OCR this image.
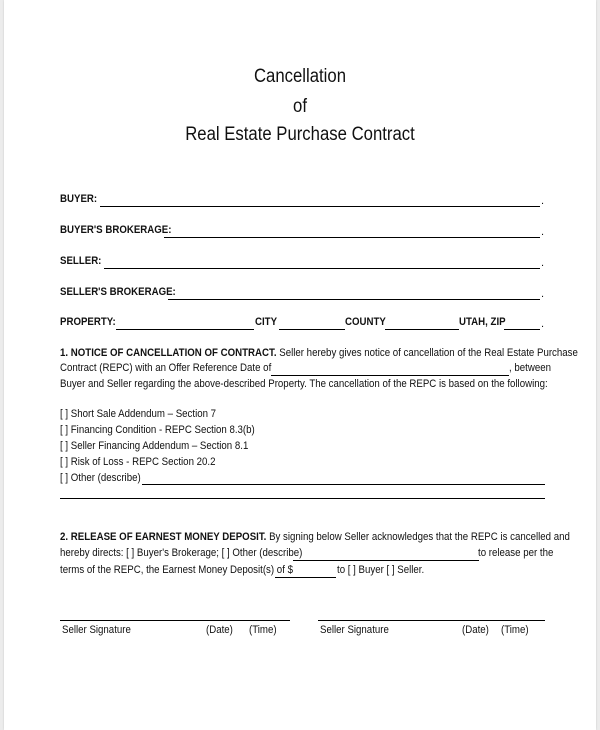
Cancellation
of
Real Estate Purchase Contract
BUYER:	.
BUYER'S BROKERAGE:	.
SELLER:	.
SELLER'S BROKERAGE:	.
PROPERTY:	CITY	COUNTY	UTAH, ZIP	.
1. NOTICE OF CANCELLATION OF CONTRACT. Seller hereby gives notice of cancellation of the Real Estate Purchase
Contract (REPC) with an Offer Reference Date of	, between
Buyer and Seller regarding the above-described Property. The cancellation of the REPC is based on the following:
[ ] Short Sale Addendum – Section 7
[ ] Financing Condition - REPC Section 8.3(b)
[ ] Seller Financing Addendum – Section 8.1
[ ] Risk of Loss - REPC Section 20.2
[ ] Other (describe)
2. RELEASE OF EARNEST MONEY DEPOSIT. By signing below Seller acknowledges that the REPC is cancelled and
hereby directs: [ ] Buyer's Brokerage; [ ] Other (describe)	to release per the
terms of the REPC, the Earnest Money Deposit(s) of $	to [ ] Buyer [ ] Seller.
Seller Signature	(Date) (Time)	Seller Signature	(Date) (Time)
